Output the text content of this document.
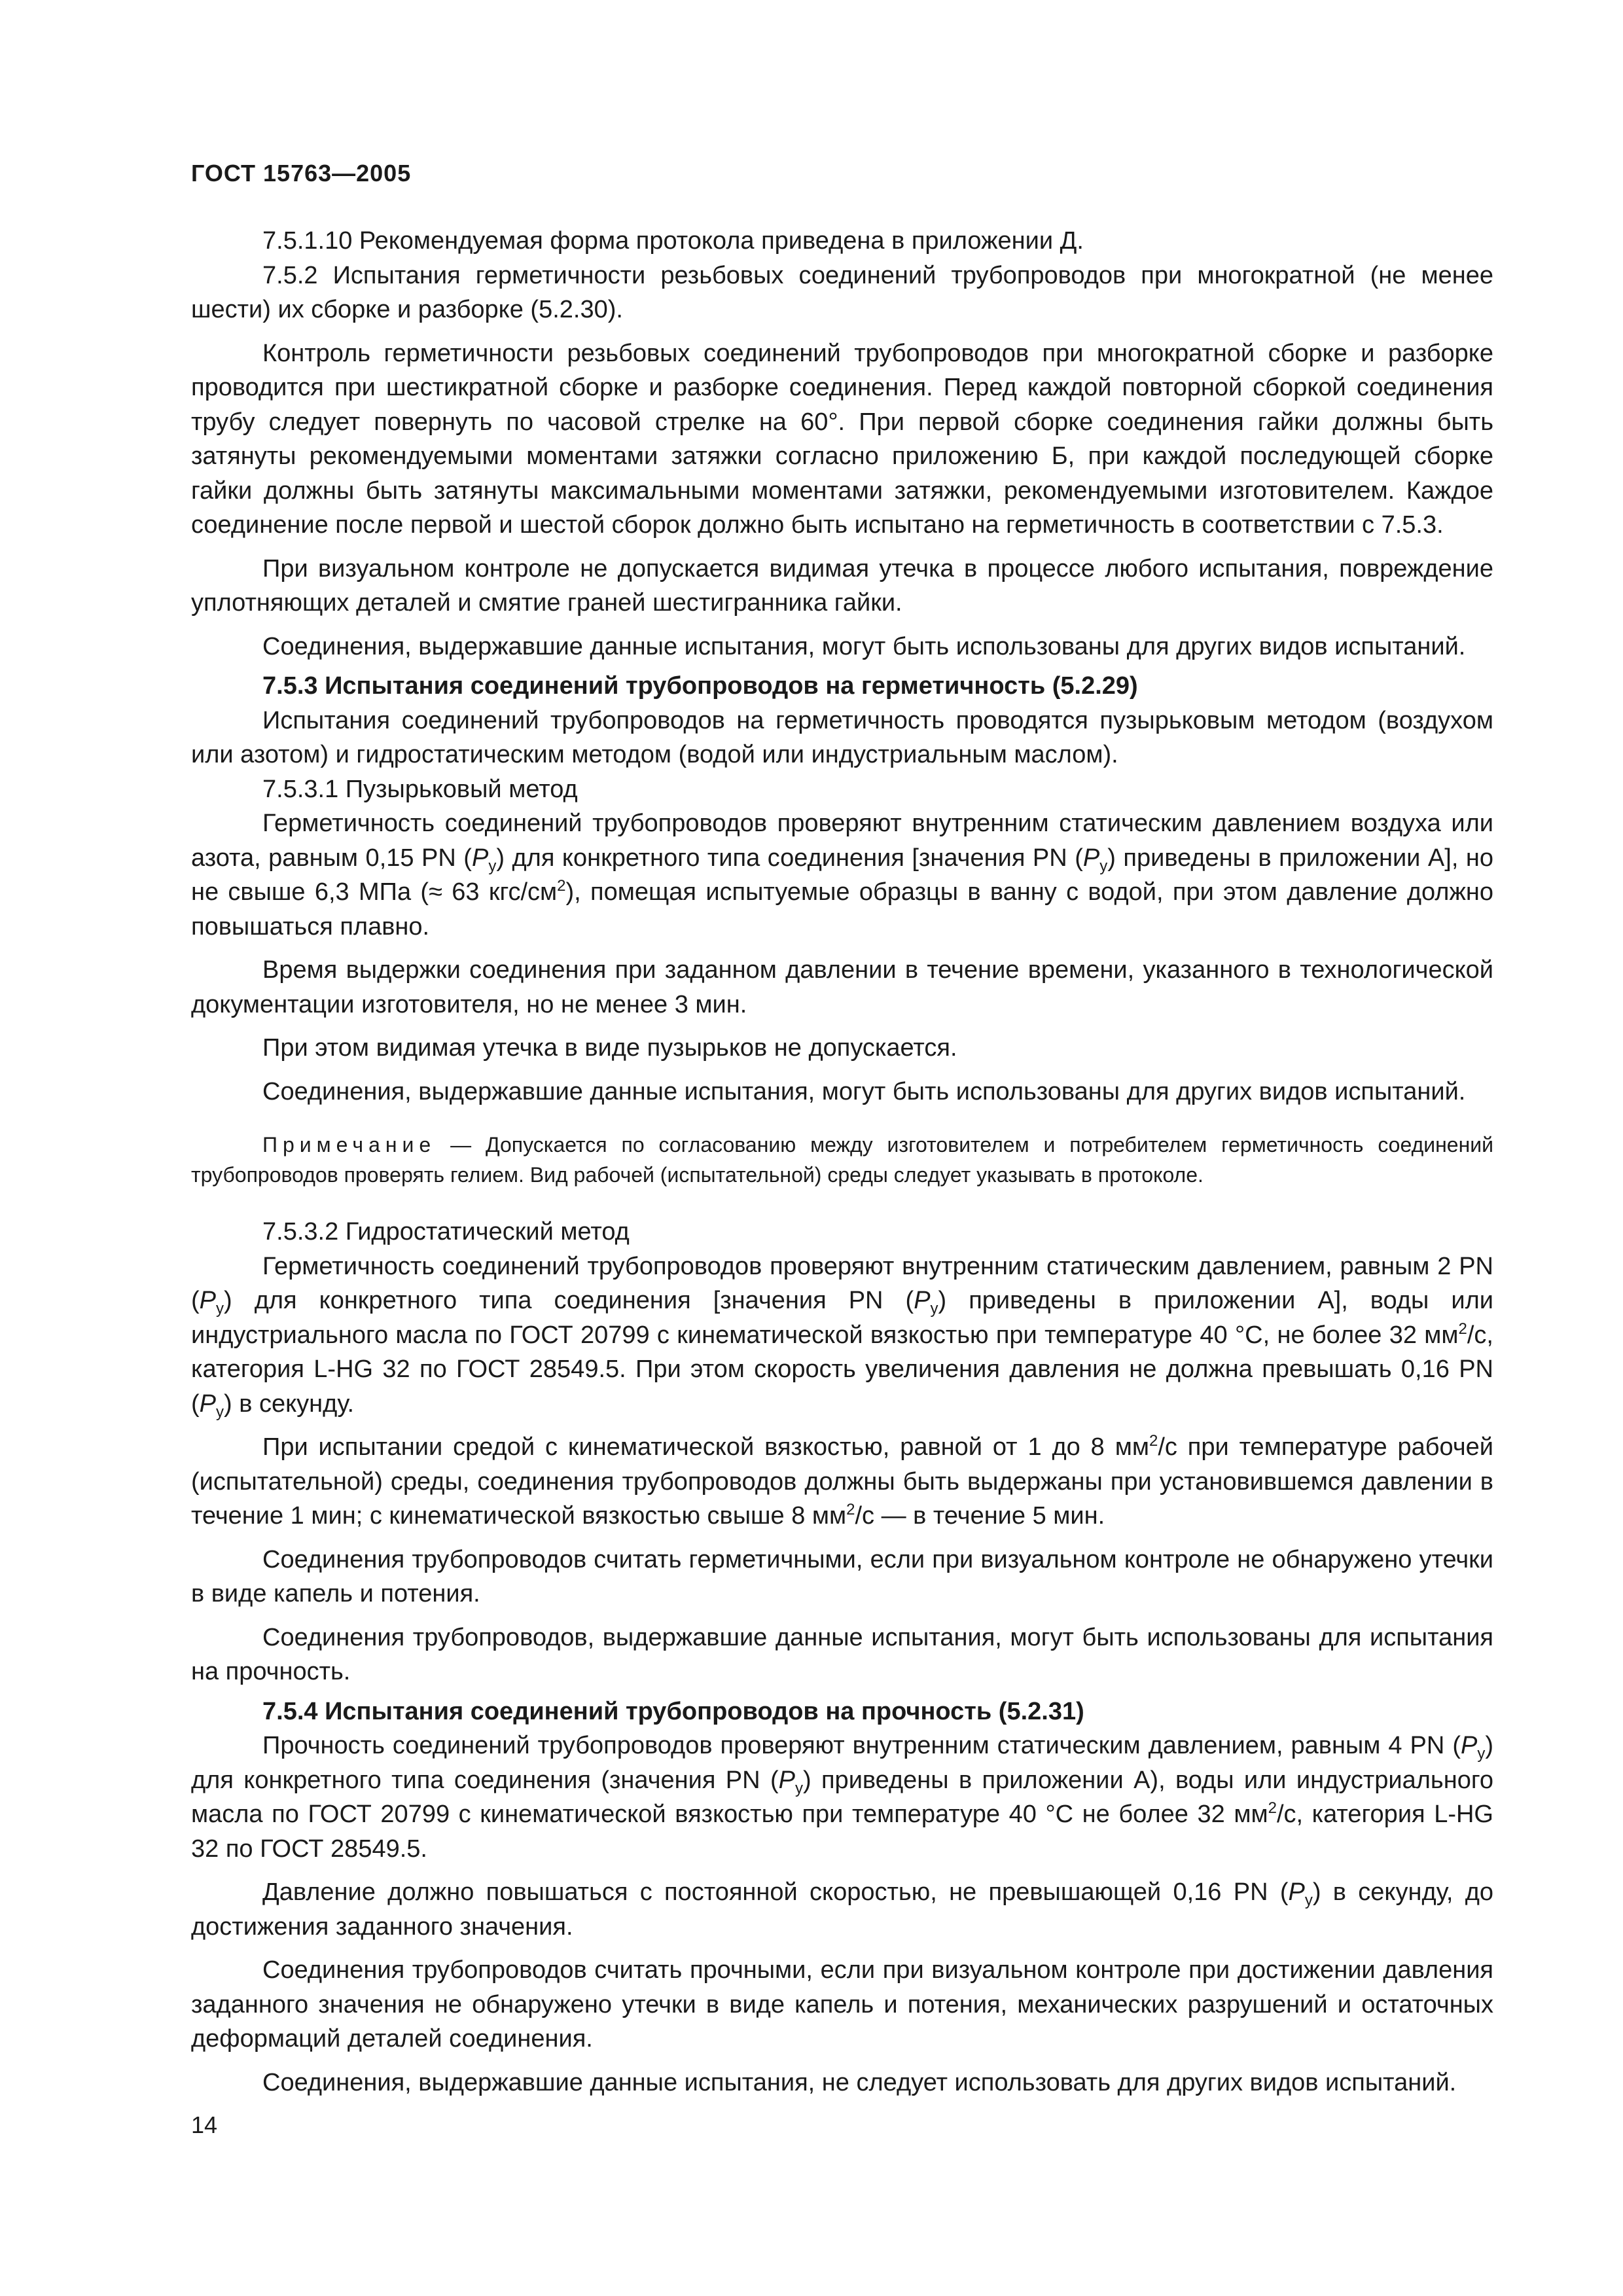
ГОСТ 15763—2005

7.5.1.10 Рекомендуемая форма протокола приведена в приложении Д.

7.5.2 Испытания герметичности резьбовых соединений трубопроводов при многократной (не менее шести) их сборке и разборке (5.2.30).

Контроль герметичности резьбовых соединений трубопроводов при многократной сборке и разборке проводится при шестикратной сборке и разборке соединения. Перед каждой повторной сборкой соединения трубу следует повернуть по часовой стрелке на 60°. При первой сборке соединения гайки должны быть затянуты рекомендуемыми моментами затяжки согласно приложению Б, при каждой последующей сборке гайки должны быть затянуты максимальными моментами затяжки, рекомендуемыми изготовителем. Каждое соединение после первой и шестой сборок должно быть испытано на герметичность в соответствии с 7.5.3.

При визуальном контроле не допускается видимая утечка в процессе любого испытания, повреждение уплотняющих деталей и смятие граней шестигранника гайки.

Соединения, выдержавшие данные испытания, могут быть использованы для других видов испытаний.

7.5.3 Испытания соединений трубопроводов на герметичность (5.2.29)

Испытания соединений трубопроводов на герметичность проводятся пузырьковым методом (воздухом или азотом) и гидростатическим методом (водой или индустриальным маслом).

7.5.3.1 Пузырьковый метод

Герметичность соединений трубопроводов проверяют внутренним статическим давлением воздуха или азота, равным 0,15 PN $(P_у)$ для конкретного типа соединения [значения PN $(P_у)$ приведены в приложении А], но не свыше 6,3 МПа (≈ 63 кгс/$см^2$), помещая испытуемые образцы в ванну с водой, при этом давление должно повышаться плавно.

Время выдержки соединения при заданном давлении в течение времени, указанного в технологической документации изготовителя, но не менее 3 мин.

При этом видимая утечка в виде пузырьков не допускается.

Соединения, выдержавшие данные испытания, могут быть использованы для других видов испытаний.

Примечание — Допускается по согласованию между изготовителем и потребителем герметичность соединений трубопроводов проверять гелием. Вид рабочей (испытательной) среды следует указывать в протоколе.

7.5.3.2 Гидростатический метод

Герметичность соединений трубопроводов проверяют внутренним статическим давлением, равным 2 PN $(P_у)$ для конкретного типа соединения [значения PN $(P_у)$ приведены в приложении А], воды или индустриального масла по ГОСТ 20799 с кинематической вязкостью при температуре 40 °С, не более 32 $мм^2/с$, категория L-HG 32 по ГОСТ 28549.5. При этом скорость увеличения давления не должна превышать 0,16 PN $(P_у)$ в секунду.

При испытании средой с кинематической вязкостью, равной от 1 до 8 $мм^2/с$ при температуре рабочей (испытательной) среды, соединения трубопроводов должны быть выдержаны при установившемся давлении в течение 1 мин; с кинематической вязкостью свыше 8 $мм^2/с$ — в течение 5 мин.

Соединения трубопроводов считать герметичными, если при визуальном контроле не обнаружено утечки в виде капель и потения.

Соединения трубопроводов, выдержавшие данные испытания, могут быть использованы для испытания на прочность.

7.5.4 Испытания соединений трубопроводов на прочность (5.2.31)

Прочность соединений трубопроводов проверяют внутренним статическим давлением, равным 4 PN $(P_у)$ для конкретного типа соединения (значения PN $(P_у)$ приведены в приложении А), воды или индустриального масла по ГОСТ 20799 с кинематической вязкостью при температуре 40 °С не более 32 $мм^2/с$, категория L-HG 32 по ГОСТ 28549.5.

Давление должно повышаться с постоянной скоростью, не превышающей 0,16 PN $(P_у)$ в секунду, до достижения заданного значения.

Соединения трубопроводов считать прочными, если при визуальном контроле при достижении давления заданного значения не обнаружено утечки в виде капель и потения, механических разрушений и остаточных деформаций деталей соединения.

Соединения, выдержавшие данные испытания, не следует использовать для других видов испытаний.

14
